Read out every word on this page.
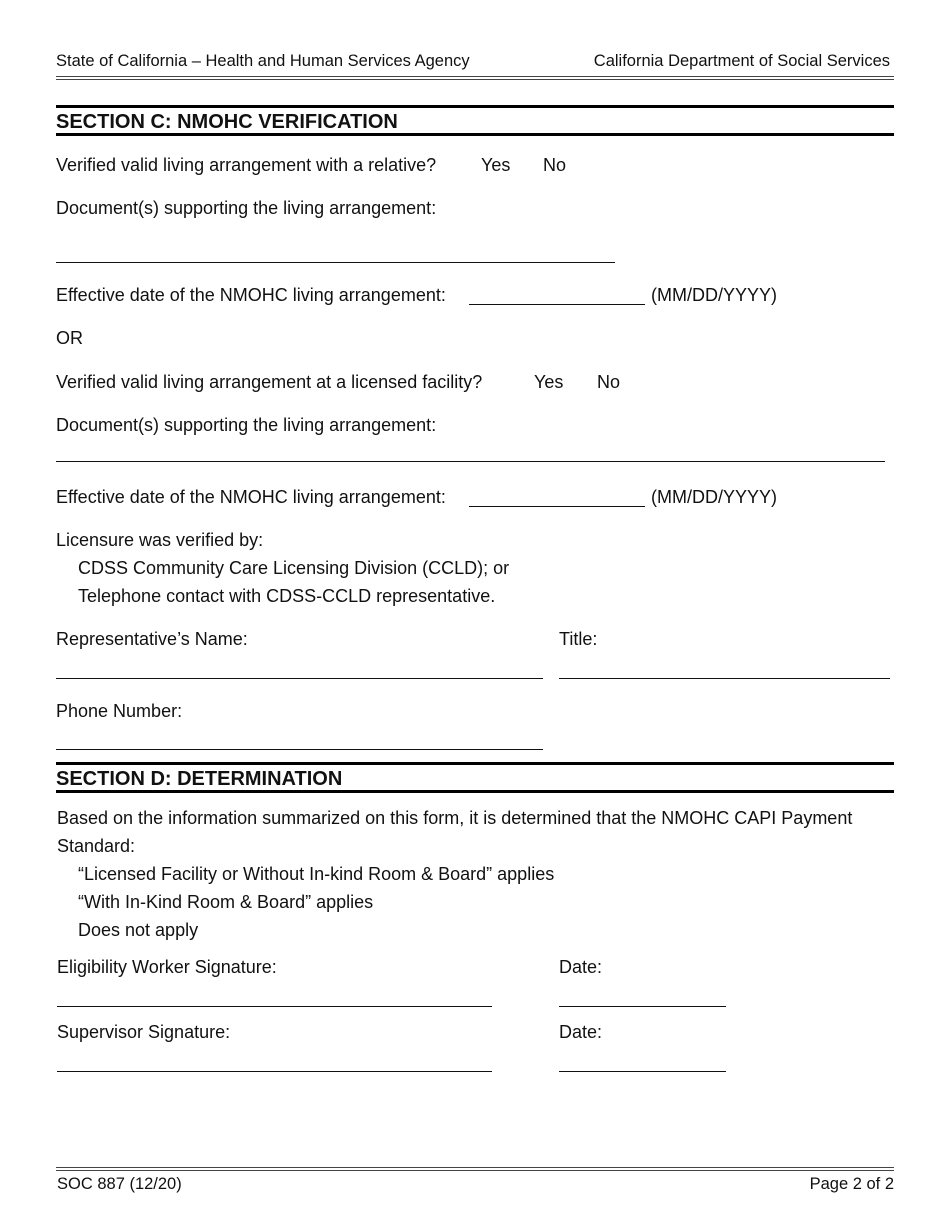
State of California – Health and Human Services Agency	California Department of Social Services
SECTION C: NMOHC VERIFICATION
Verified valid living arrangement with a relative? Yes No
Document(s) supporting the living arrangement:
Effective date of the NMOHC living arrangement:	(MM/DD/YYYY)
OR
Verified valid living arrangement at a licensed facility?	Yes No
Document(s) supporting the living arrangement:
Effective date of the NMOHC living arrangement:	(MM/DD/YYYY)
Licensure was verified by:
CDSS Community Care Licensing Division (CCLD); or
Telephone contact with CDSS-CCLD representative.
Representative’s Name:	Title:
Phone Number:
SECTION D: DETERMINATION
Based on the information summarized on this form, it is determined that the NMOHC CAPI Payment
Standard:
“Licensed Facility or Without In-kind Room & Board” applies
“With In-Kind Room & Board” applies
Does not apply
Eligibility Worker Signature:	Date:
Supervisor Signature:	Date:
SOC 887 (12/20)	Page 2 of 2
